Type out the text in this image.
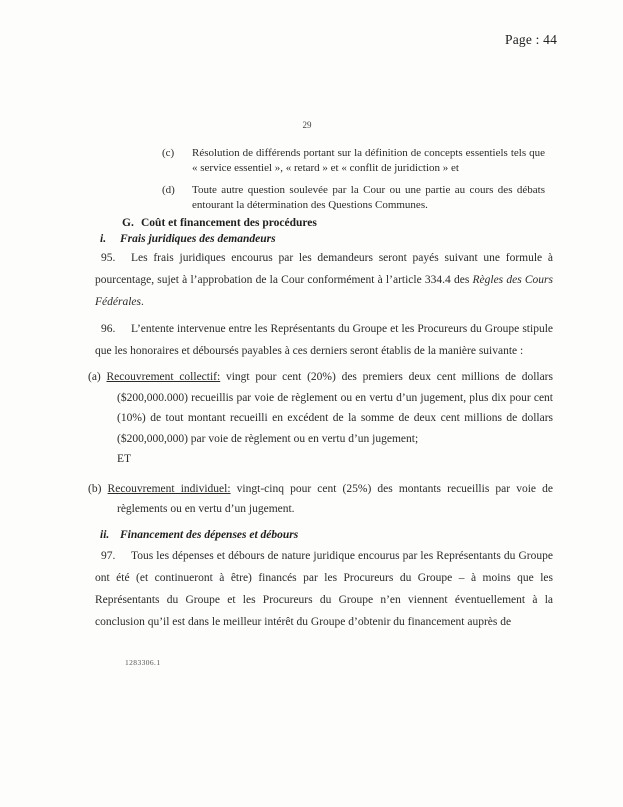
Page : 44
29
(c) Résolution de différends portant sur la définition de concepts essentiels tels que « service essentiel », « retard » et « conflit de juridiction » et
(d) Toute autre question soulevée par la Cour ou une partie au cours des débats entourant la détermination des Questions Communes.
G. Coût et financement des procédures
i. Frais juridiques des demandeurs

95. Les frais juridiques encourus par les demandeurs seront payés suivant une formule à pourcentage, sujet à l’approbation de la Cour conformément à l’article 334.4 des Règles des Cours Fédérales.

96. L’entente intervenue entre les Représentants du Groupe et les Procureurs du Groupe stipule que les honoraires et déboursés payables à ces derniers seront établis de la manière suivante :

(a) Recouvrement collectif: vingt pour cent (20%) des premiers deux cent millions de dollars ($200,000.000) recueillis par voie de règlement ou en vertu d’un jugement, plus dix pour cent (10%) de tout montant recueilli en excédent de la somme de deux cent millions de dollars ($200,000,000) par voie de règlement ou en vertu d’un jugement;
ET
(b) Recouvrement individuel: vingt-cinq pour cent (25%) des montants recueillis par voie de règlements ou en vertu d’un jugement.
ii. Financement des dépenses et débours

97. Tous les dépenses et débours de nature juridique encourus par les Représentants du Groupe ont été (et continueront à être) financés par les Procureurs du Groupe – à moins que les Représentants du Groupe et les Procureurs du Groupe n’en viennent éventuellement à la conclusion qu’il est dans le meilleur intérêt du Groupe d’obtenir du financement auprès de

1283306.1
